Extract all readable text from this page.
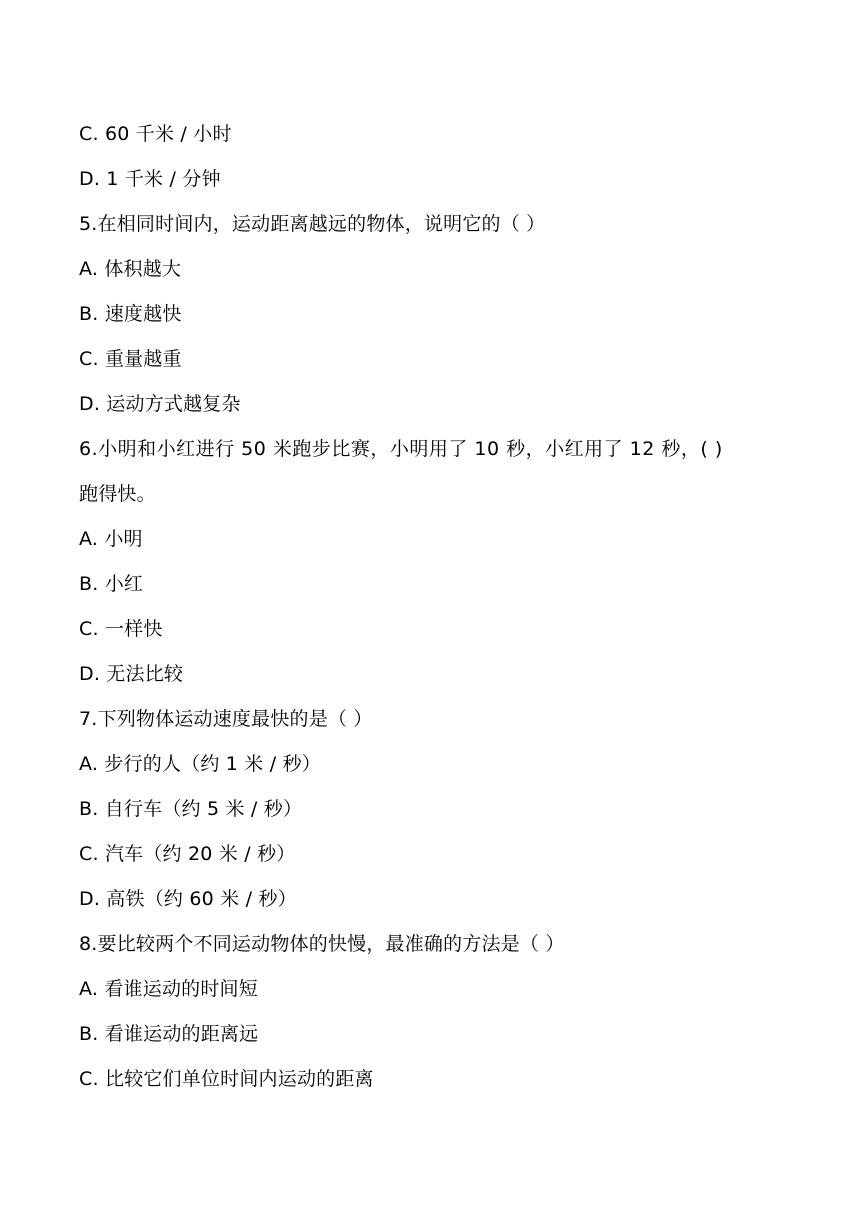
C. 60 千米 / 小时
D. 1 千米 / 分钟
5.在相同时间内，运动距离越远的物体，说明它的（ ）
A. 体积越大
B. 速度越快
C. 重量越重
D. 运动方式越复杂
6.小明和小红进行 50 米跑步比赛，小明用了 10 秒，小红用了 12 秒，( )
跑得快。
A. 小明
B. 小红
C. 一样快
D. 无法比较
7.下列物体运动速度最快的是（ ）
A. 步行的人（约 1 米 / 秒）
B. 自行车（约 5 米 / 秒）
C. 汽车（约 20 米 / 秒）
D. 高铁（约 60 米 / 秒）
8.要比较两个不同运动物体的快慢，最准确的方法是（ ）
A. 看谁运动的时间短
B. 看谁运动的距离远
C. 比较它们单位时间内运动的距离
